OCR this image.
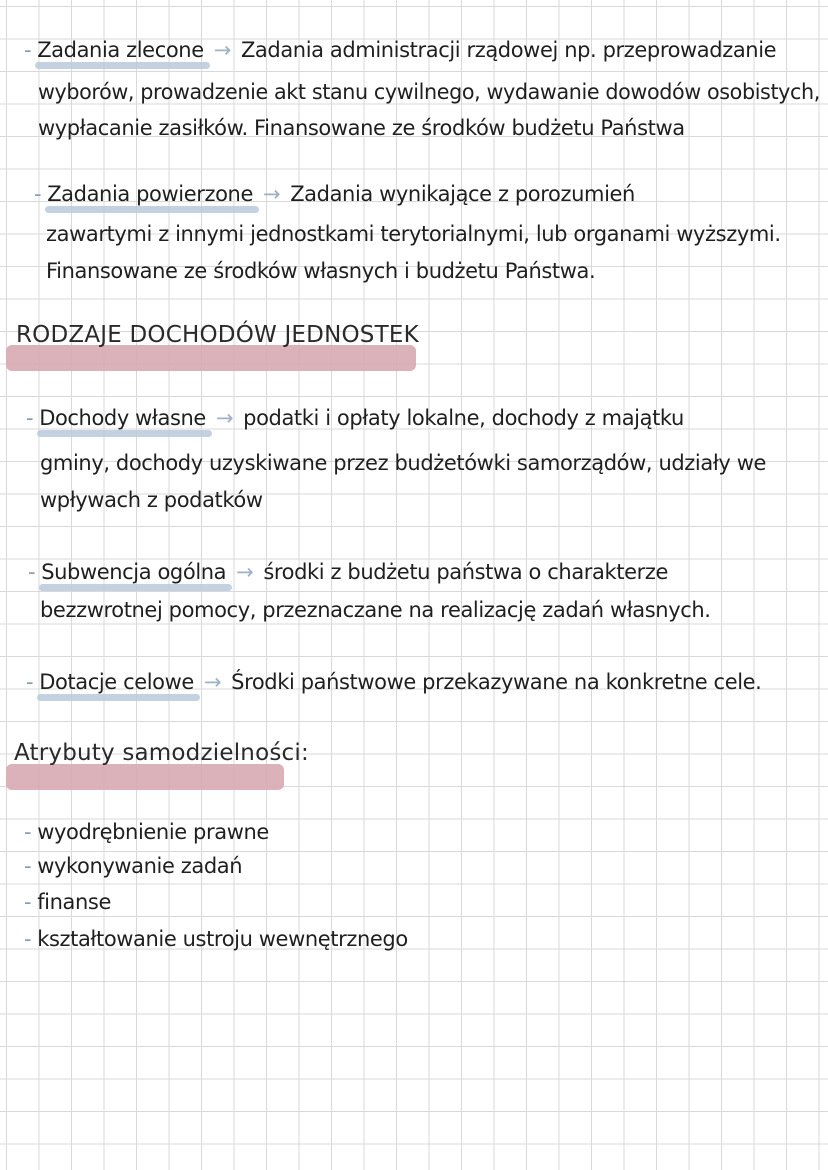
- Zadania zlecone → Zadania administracji rządowej np. przeprowadzanie
wyborów, prowadzenie akt stanu cywilnego, wydawanie dowodów osobistych,
wypłacanie zasiłków. Finansowane ze środków budżetu Państwa
- Zadania powierzone → Zadania wynikające z porozumień
zawartymi z innymi jednostkami terytorialnymi, lub organami wyższymi.
Finansowane ze środków własnych i budżetu Państwa.
RODZAJE DOCHODÓW JEDNOSTEK
- Dochody własne → podatki i opłaty lokalne, dochody z majątku
gminy, dochody uzyskiwane przez budżetówki samorządów, udziały we
wpływach z podatków
- Subwencja ogólna → środki z budżetu państwa o charakterze
bezzwrotnej pomocy, przeznaczane na realizację zadań własnych.
- Dotacje celowe → Środki państwowe przekazywane na konkretne cele.
Atrybuty samodzielności:
- wyodrębnienie prawne
- wykonywanie zadań
- finanse
- kształtowanie ustroju wewnętrznego
